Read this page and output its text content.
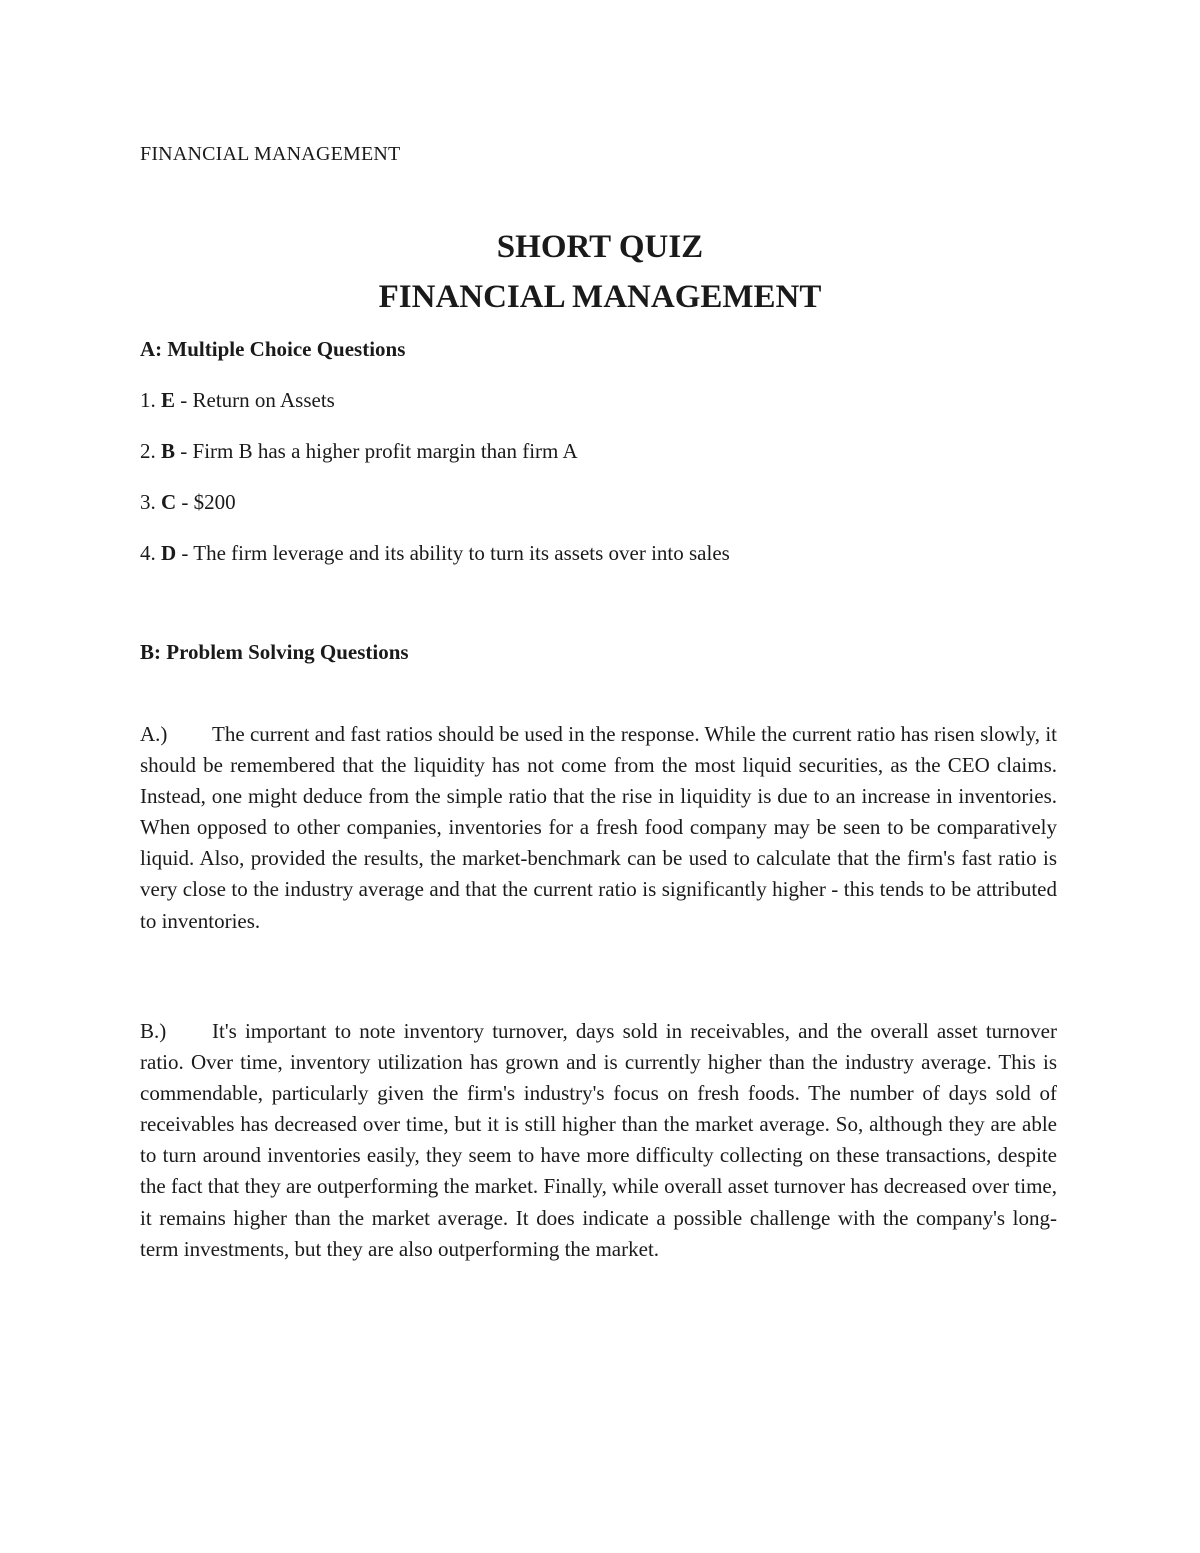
FINANCIAL MANAGEMENT
SHORT QUIZ
FINANCIAL MANAGEMENT
A: Multiple Choice Questions
1. E - Return on Assets
2. B - Firm B has a higher profit margin than firm A
3. C - $200
4. D - The firm leverage and its ability to turn its assets over into sales
B: Problem Solving Questions
A.) The current and fast ratios should be used in the response. While the current ratio has risen slowly, it should be remembered that the liquidity has not come from the most liquid securities, as the CEO claims. Instead, one might deduce from the simple ratio that the rise in liquidity is due to an increase in inventories. When opposed to other companies, inventories for a fresh food company may be seen to be comparatively liquid. Also, provided the results, the market-benchmark can be used to calculate that the firm's fast ratio is very close to the industry average and that the current ratio is significantly higher - this tends to be attributed to inventories.
B.) It's important to note inventory turnover, days sold in receivables, and the overall asset turnover ratio. Over time, inventory utilization has grown and is currently higher than the industry average. This is commendable, particularly given the firm's industry's focus on fresh foods. The number of days sold of receivables has decreased over time, but it is still higher than the market average. So, although they are able to turn around inventories easily, they seem to have more difficulty collecting on these transactions, despite the fact that they are outperforming the market. Finally, while overall asset turnover has decreased over time, it remains higher than the market average. It does indicate a possible challenge with the company's long-term investments, but they are also outperforming the market.
